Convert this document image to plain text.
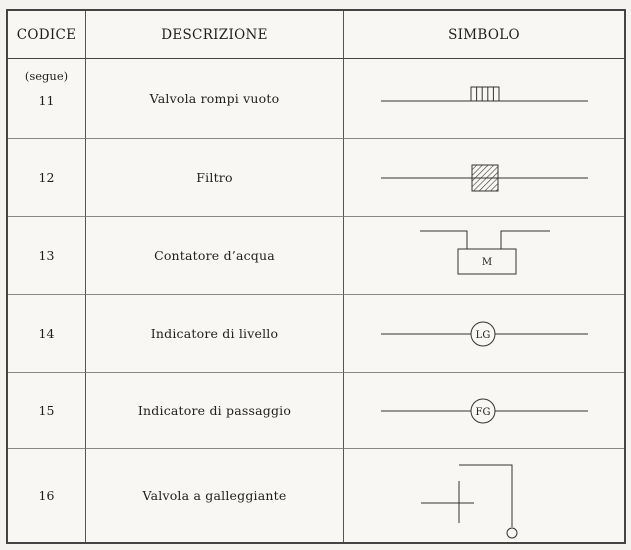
CODICE	DESCRIZIONE	SIMBOLO
(segue)
11	Valvola rompi vuoto
12	Filtro
13	Contatore d’acqua	M
14	Indicatore di livello	LG
15	Indicatore di passaggio	FG
16	Valvola a galleggiante
